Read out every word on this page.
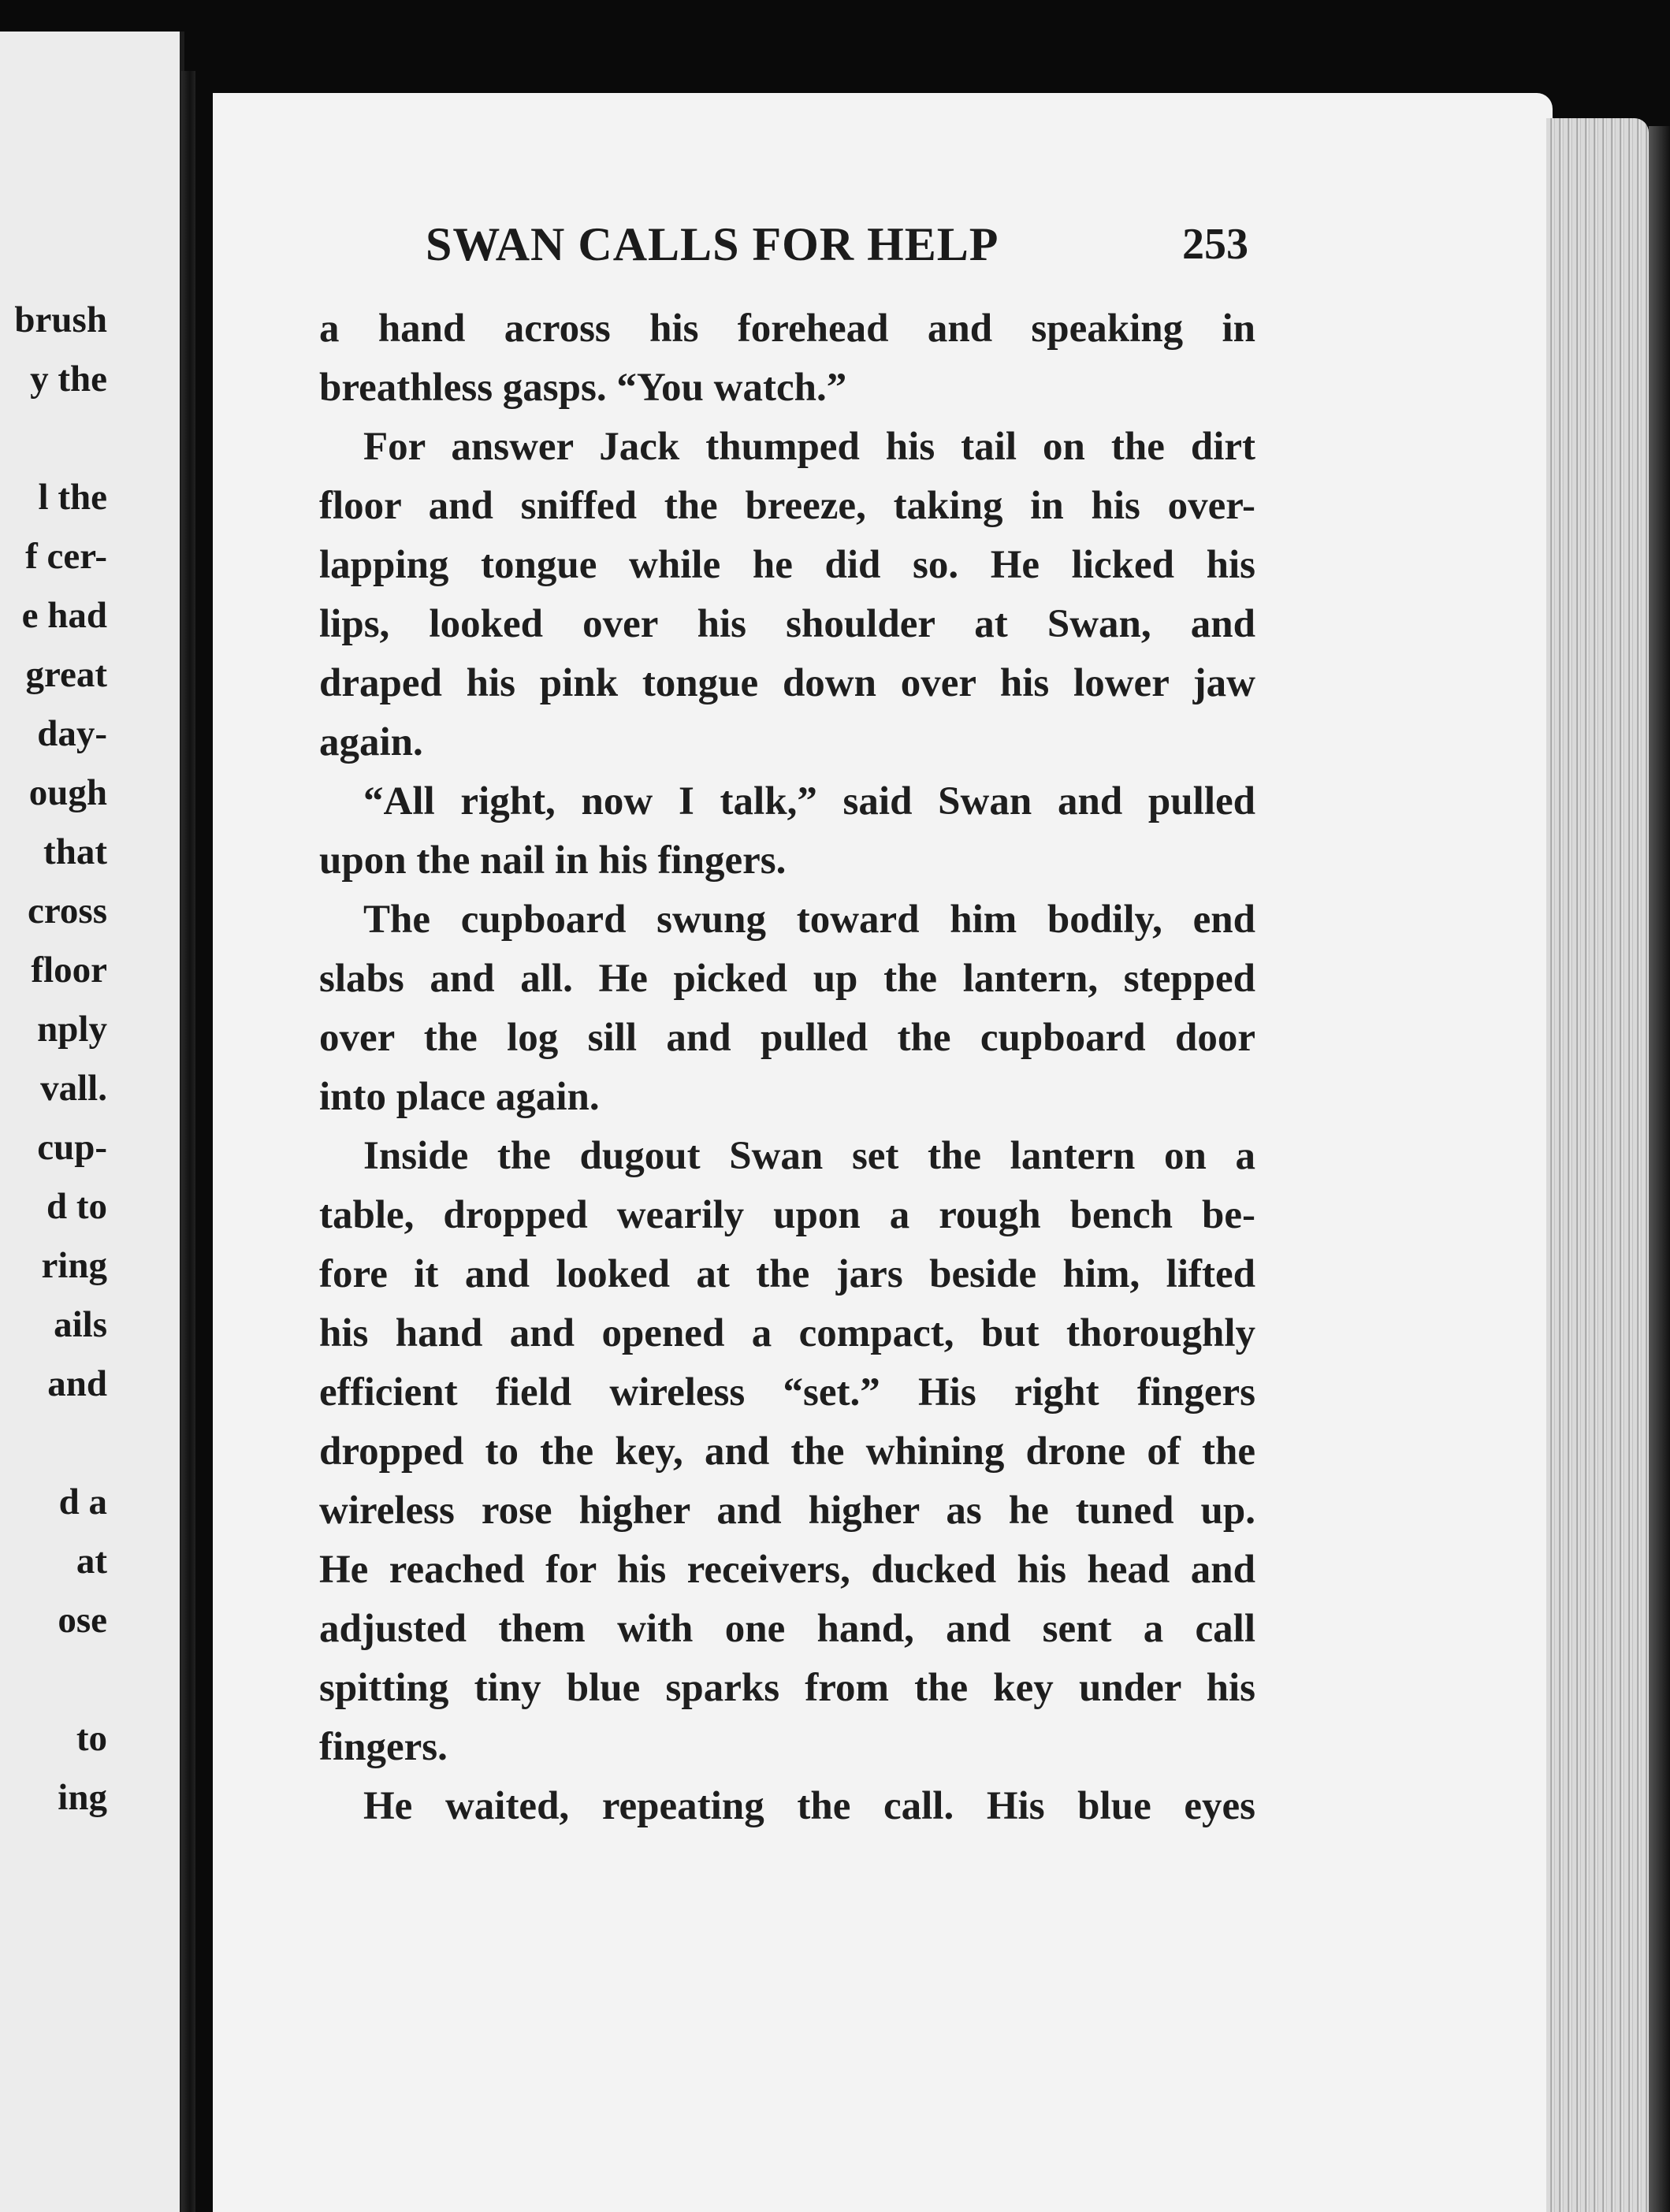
brush
y the
l the
f cer-
e had
great
day-
ough
that
cross
floor
nply
vall.
cup-
d to
ring
ails
and
d a
at
ose
to
ing
SWAN CALLS FOR HELP	253
a hand across his forehead and speaking in
breathless gasps. “You watch.”
For answer Jack thumped his tail on the dirt
floor and sniffed the breeze, taking in his over-
lapping tongue while he did so. He licked his
lips, looked over his shoulder at Swan, and
draped his pink tongue down over his lower jaw
again.
“All right, now I talk,” said Swan and pulled
upon the nail in his fingers.
The cupboard swung toward him bodily, end
slabs and all. He picked up the lantern, stepped
over the log sill and pulled the cupboard door
into place again.
Inside the dugout Swan set the lantern on a
table, dropped wearily upon a rough bench be-
fore it and looked at the jars beside him, lifted
his hand and opened a compact, but thoroughly
efficient field wireless “set.” His right fingers
dropped to the key, and the whining drone of the
wireless rose higher and higher as he tuned up.
He reached for his receivers, ducked his head and
adjusted them with one hand, and sent a call
spitting tiny blue sparks from the key under his
fingers.
He waited, repeating the call. His blue eyes
